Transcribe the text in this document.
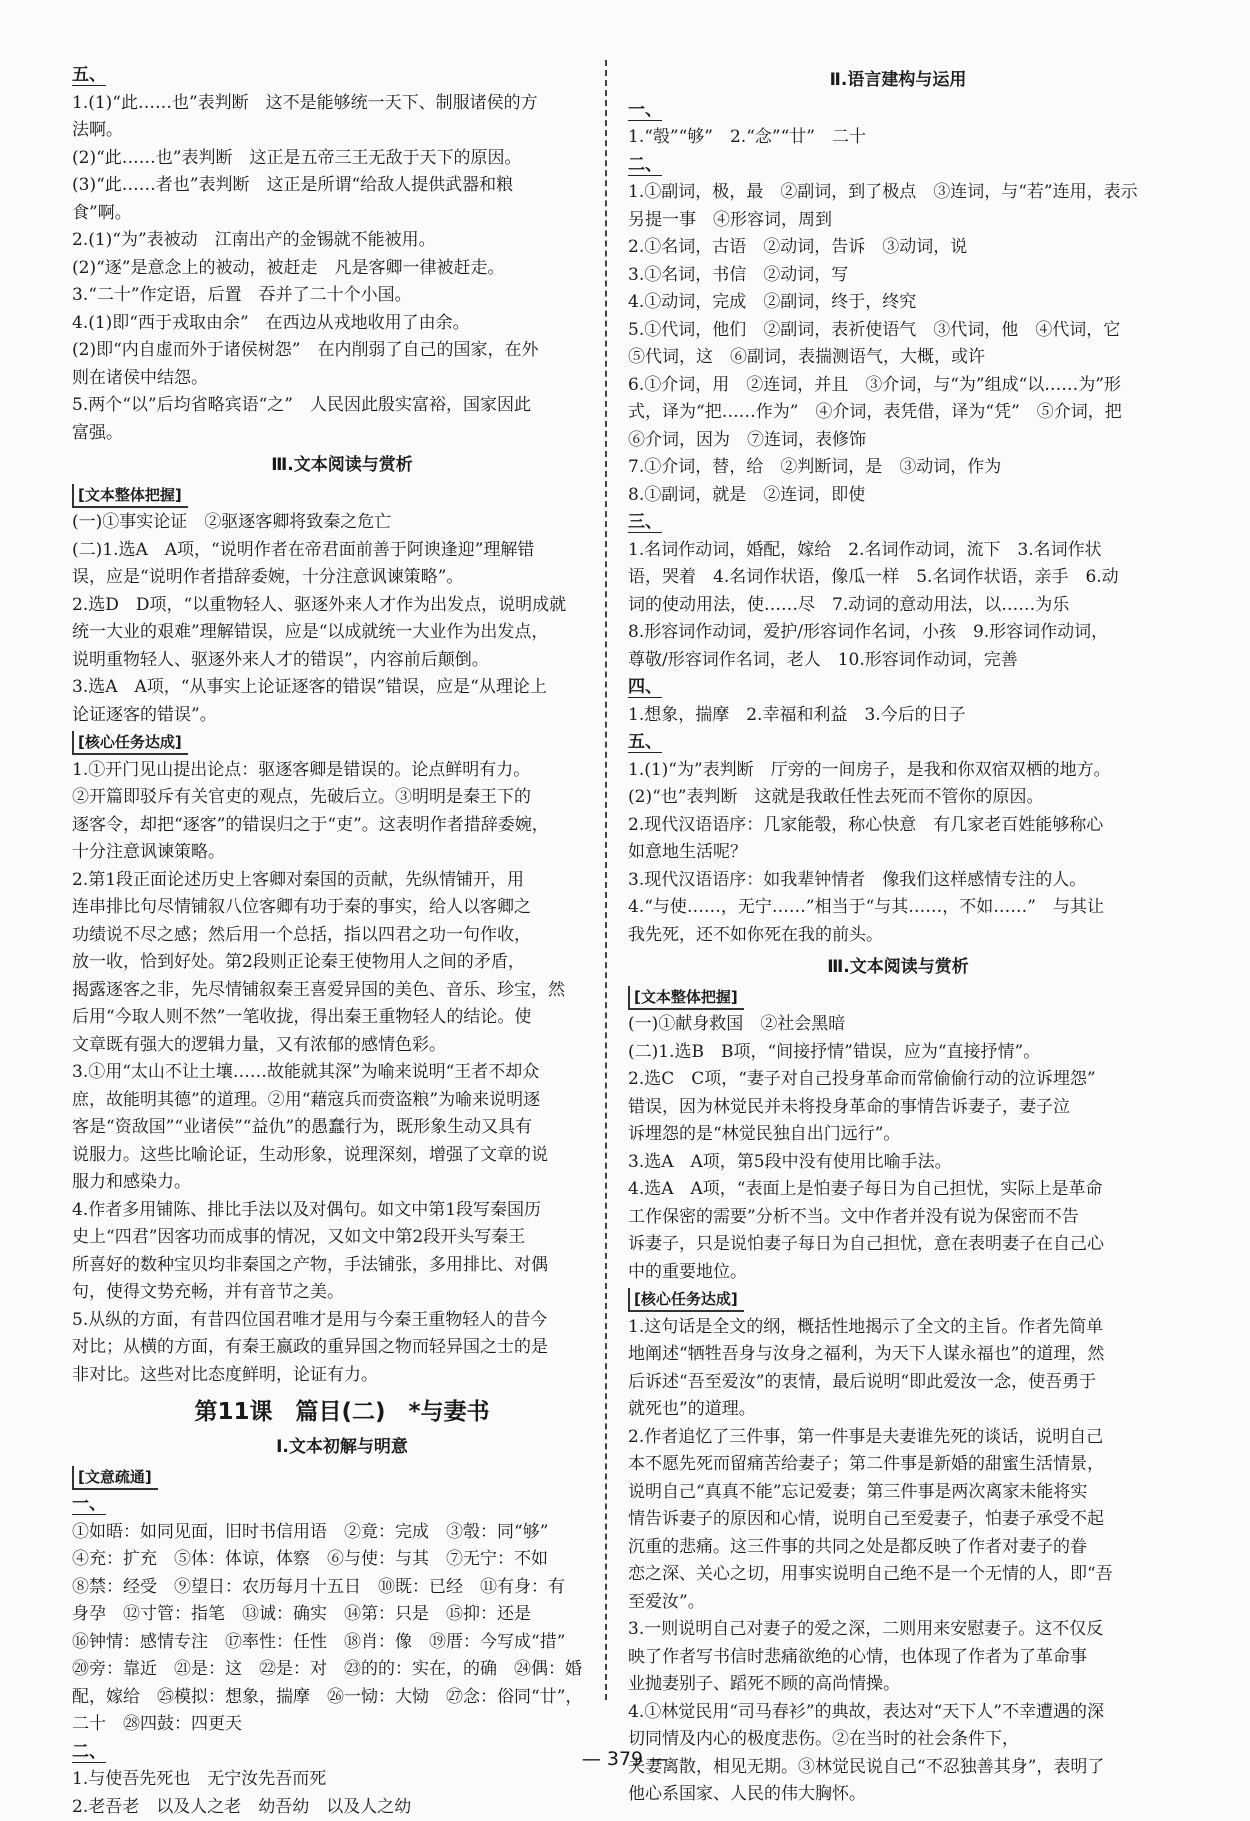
五、
1.(1)“此……也”表判断　这不是能够统一天下、制服诸侯的方
法啊。
(2)“此……也”表判断　这正是五帝三王无敌于天下的原因。
(3)“此……者也”表判断　这正是所谓“给敌人提供武器和粮
食”啊。
2.(1)“为”表被动　江南出产的金锡就不能被用。
(2)“逐”是意念上的被动，被赶走　凡是客卿一律被赶走。
3.“二十”作定语，后置　吞并了二十个小国。
4.(1)即“西于戎取由余”　在西边从戎地收用了由余。
(2)即“内自虚而外于诸侯树怨”　在内削弱了自己的国家，在外
则在诸侯中结怨。
5.两个“以”后均省略宾语“之”　人民因此殷实富裕，国家因此
富强。
Ⅲ.文本阅读与赏析
[文本整体把握]
(一)①事实论证　②驱逐客卿将致秦之危亡
(二)1.选A　A项，“说明作者在帝君面前善于阿谀逢迎”理解错
误，应是“说明作者措辞委婉，十分注意讽谏策略”。
2.选D　D项，“以重物轻人、驱逐外来人才作为出发点，说明成就
统一大业的艰难”理解错误，应是“以成就统一大业作为出发点，
说明重物轻人、驱逐外来人才的错误”，内容前后颠倒。
3.选A　A项，“从事实上论证逐客的错误”错误，应是“从理论上
论证逐客的错误”。
[核心任务达成]
1.①开门见山提出论点：驱逐客卿是错误的。论点鲜明有力。
②开篇即驳斥有关官吏的观点，先破后立。③明明是秦王下的
逐客令，却把“逐客”的错误归之于“吏”。这表明作者措辞委婉，
十分注意讽谏策略。
2.第1段正面论述历史上客卿对秦国的贡献，先纵情铺开，用
连串排比句尽情铺叙八位客卿有功于秦的事实，给人以客卿之
功绩说不尽之感；然后用一个总括，指以四君之功一句作收，
放一收，恰到好处。第2段则正论秦王使物用人之间的矛盾，
揭露逐客之非，先尽情铺叙秦王喜爱异国的美色、音乐、珍宝，然
后用“今取人则不然”一笔收拢，得出秦王重物轻人的结论。使
文章既有强大的逻辑力量，又有浓郁的感情色彩。
3.①用“太山不让土壤……故能就其深”为喻来说明“王者不却众
庶，故能明其德”的道理。②用“藉寇兵而赍盗粮”为喻来说明逐
客是“资敌国”“业诸侯”“益仇”的愚蠢行为，既形象生动又具有
说服力。这些比喻论证，生动形象，说理深刻，增强了文章的说
服力和感染力。
4.作者多用铺陈、排比手法以及对偶句。如文中第1段写秦国历
史上“四君”因客功而成事的情况，又如文中第2段开头写秦王
所喜好的数种宝贝均非秦国之产物，手法铺张，多用排比、对偶
句，使得文势充畅，并有音节之美。
5.从纵的方面，有昔四位国君唯才是用与今秦王重物轻人的昔今
对比；从横的方面，有秦王嬴政的重异国之物而轻异国之士的是
非对比。这些对比态度鲜明，论证有力。
第11课　篇目(二)　*与妻书
Ⅰ.文本初解与明意
[文意疏通]
一、
①如晤：如同见面，旧时书信用语　②竟：完成　③彀：同“够”
④充：扩充　⑤体：体谅，体察　⑥与使：与其　⑦无宁：不如
⑧禁：经受　⑨望日：农历每月十五日　⑩既：已经　⑪有身：有
身孕　⑫寸管：指笔　⑬诚：确实　⑭第：只是　⑮抑：还是
⑯钟情：感情专注　⑰率性：任性　⑱肖：像　⑲厝：今写成“措”
⑳旁：靠近　㉑是：这　㉒是：对　㉓的的：实在，的确　㉔偶：婚
配，嫁给　㉕模拟：想象，揣摩　㉖一恸：大恸　㉗念：俗同“廿”，
二十　㉘四鼓：四更天
二、
1.与使吾先死也　无宁汝先吾而死
2.老吾老　以及人之老　幼吾幼　以及人之幼
Ⅱ.语言建构与运用
一、
1.“彀”“够”　2.“念”“廿”　二十
二、
1.①副词，极，最　②副词，到了极点　③连词，与“若”连用，表示
另提一事　④形容词，周到
2.①名词，古语　②动词，告诉　③动词，说
3.①名词，书信　②动词，写
4.①动词，完成　②副词，终于，终究
5.①代词，他们　②副词，表祈使语气　③代词，他　④代词，它
⑤代词，这　⑥副词，表揣测语气，大概，或许
6.①介词，用　②连词，并且　③介词，与“为”组成“以……为”形
式，译为“把……作为”　④介词，表凭借，译为“凭”　⑤介词，把
⑥介词，因为　⑦连词，表修饰
7.①介词，替，给　②判断词，是　③动词，作为
8.①副词，就是　②连词，即使
三、
1.名词作动词，婚配，嫁给　2.名词作动词，流下　3.名词作状
语，哭着　4.名词作状语，像瓜一样　5.名词作状语，亲手　6.动
词的使动用法，使……尽　7.动词的意动用法，以……为乐
8.形容词作动词，爱护/形容词作名词，小孩　9.形容词作动词，
尊敬/形容词作名词，老人　10.形容词作动词，完善
四、
1.想象，揣摩　2.幸福和利益　3.今后的日子
五、
1.(1)“为”表判断　厅旁的一间房子，是我和你双宿双栖的地方。
(2)“也”表判断　这就是我敢任性去死而不管你的原因。
2.现代汉语语序：几家能彀，称心快意　有几家老百姓能够称心
如意地生活呢？
3.现代汉语语序：如我辈钟情者　像我们这样感情专注的人。
4.“与使……，无宁……”相当于“与其……，不如……”　与其让
我先死，还不如你死在我的前头。
Ⅲ.文本阅读与赏析
[文本整体把握]
(一)①献身救国　②社会黑暗
(二)1.选B　B项，“间接抒情”错误，应为“直接抒情”。
2.选C　C项，“妻子对自己投身革命而常偷偷行动的泣诉埋怨”
错误，因为林觉民并未将投身革命的事情告诉妻子，妻子泣
诉埋怨的是“林觉民独自出门远行”。
3.选A　A项，第5段中没有使用比喻手法。
4.选A　A项，“表面上是怕妻子每日为自己担忧，实际上是革命
工作保密的需要”分析不当。文中作者并没有说为保密而不告
诉妻子，只是说怕妻子每日为自己担忧，意在表明妻子在自己心
中的重要地位。
[核心任务达成]
1.这句话是全文的纲，概括性地揭示了全文的主旨。作者先简单
地阐述“牺牲吾身与汝身之福利，为天下人谋永福也”的道理，然
后诉述“吾至爱汝”的衷情，最后说明“即此爱汝一念，使吾勇于
就死也”的道理。
2.作者追忆了三件事，第一件事是夫妻谁先死的谈话，说明自己
本不愿先死而留痛苦给妻子；第二件事是新婚的甜蜜生活情景，
说明自己“真真不能”忘记爱妻；第三件事是两次离家未能将实
情告诉妻子的原因和心情，说明自己至爱妻子，怕妻子承受不起
沉重的悲痛。这三件事的共同之处是都反映了作者对妻子的眷
恋之深、关心之切，用事实说明自己绝不是一个无情的人，即“吾
至爱汝”。
3.一则说明自己对妻子的爱之深，二则用来安慰妻子。这不仅反
映了作者写书信时悲痛欲绝的心情，也体现了作者为了革命事
业抛妻别子、蹈死不顾的高尚情操。
4.①林觉民用“司马春衫”的典故，表达对“天下人”不幸遭遇的深
切同情及内心的极度悲伤。②在当时的社会条件下，
夫妻离散，相见无期。③林觉民说自己“不忍独善其身”，表明了
他心系国家、人民的伟大胸怀。
— 379 —
